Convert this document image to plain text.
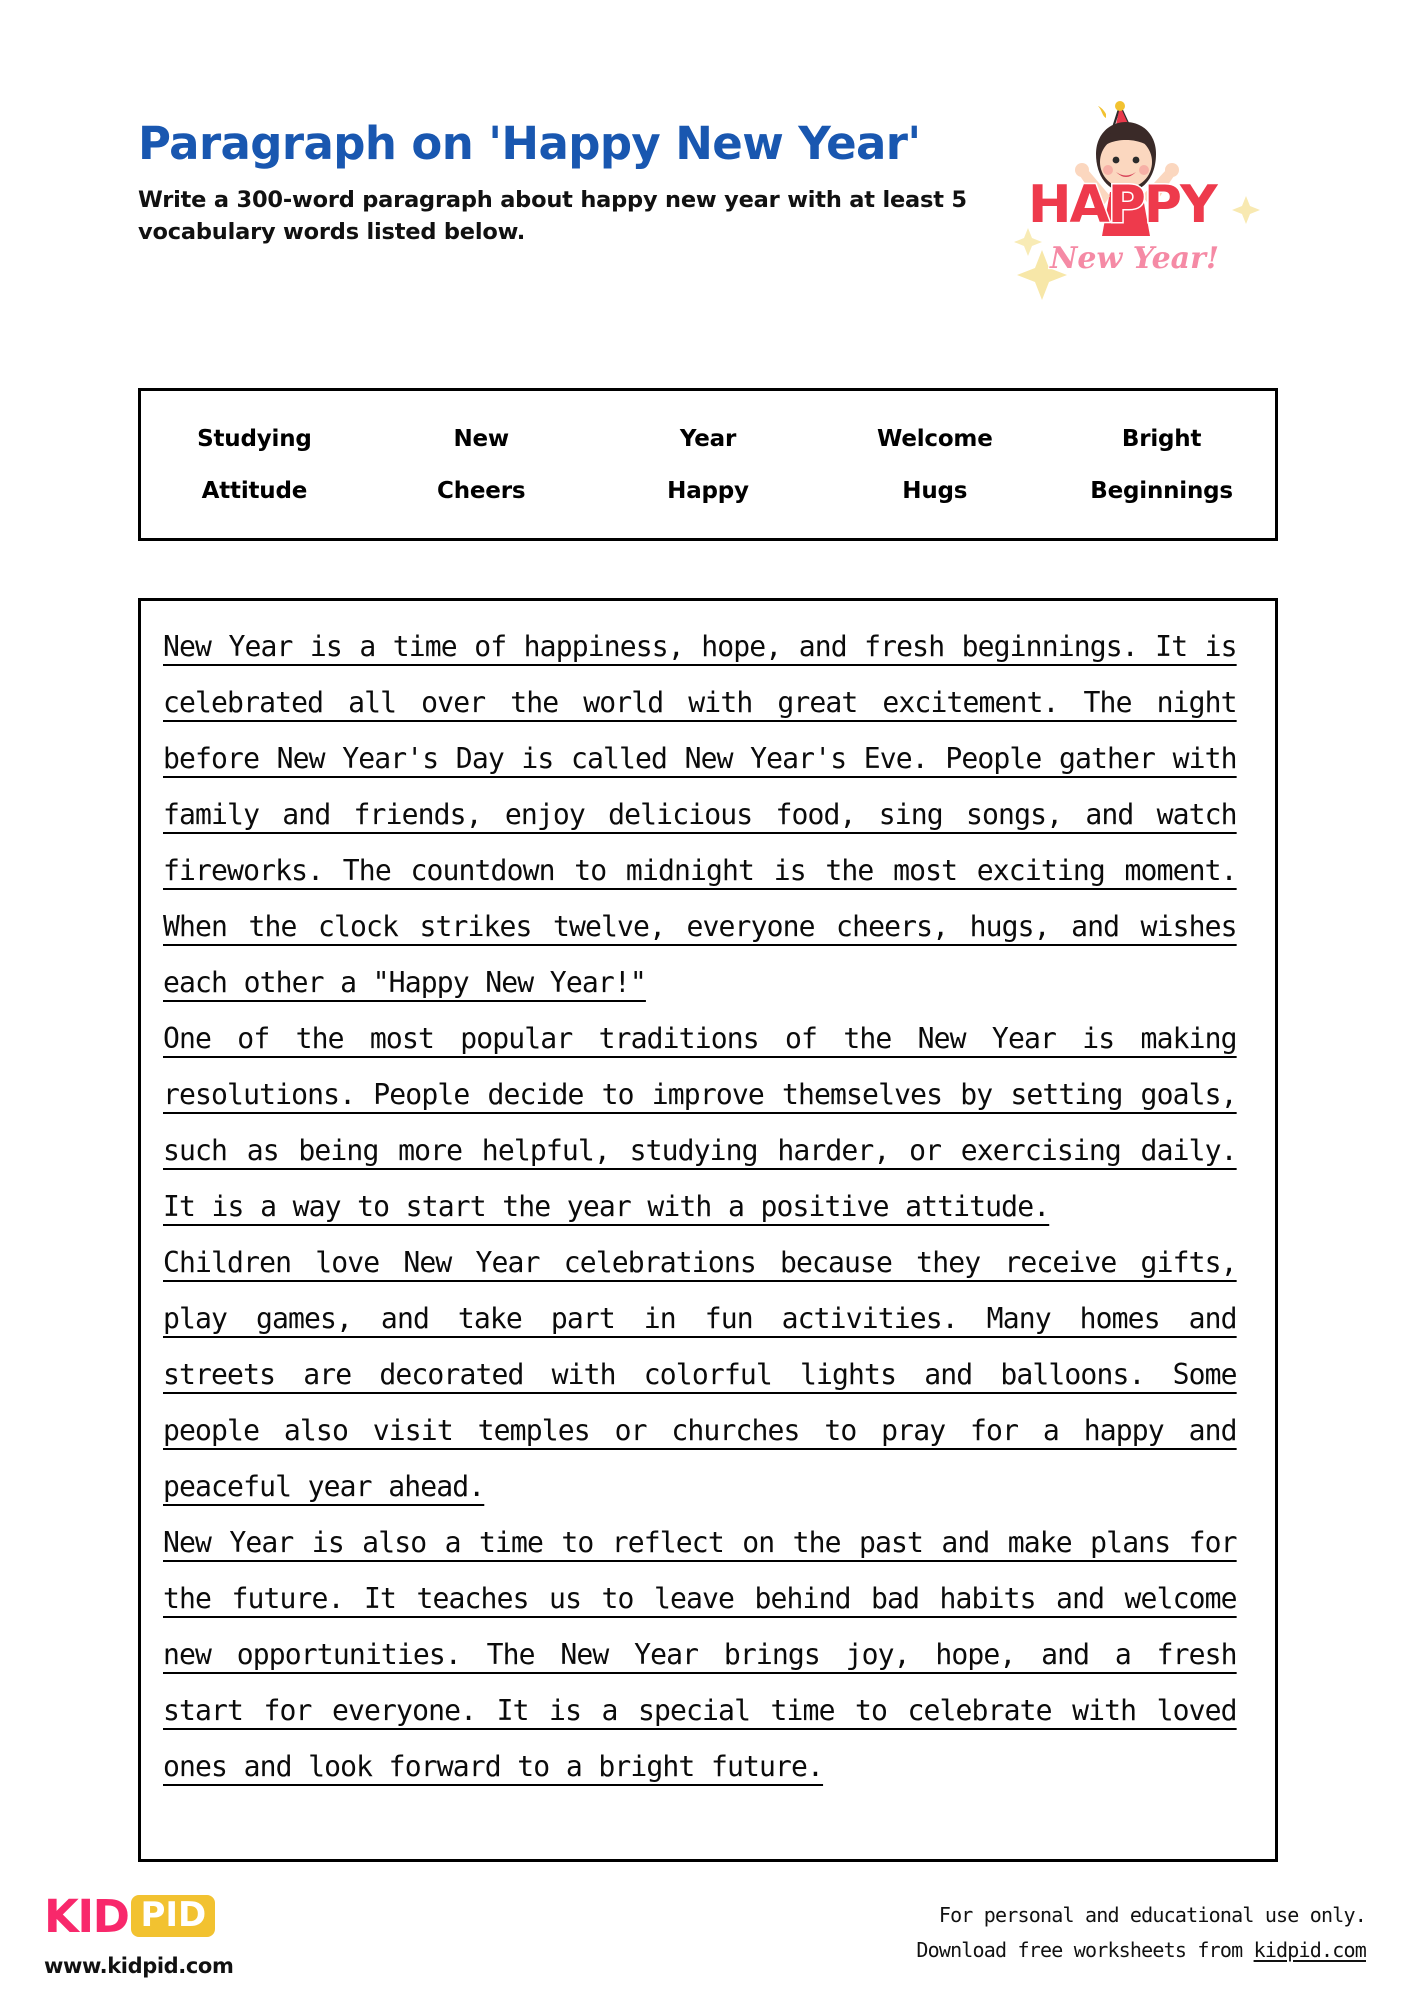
Paragraph on 'Happy New Year'
Write a 300-word paragraph about happy new year with at least 5 vocabulary words listed below.	HAPPY
New Year!
Studying	New	Year	Welcome	Bright
Attitude	Cheers	Happy	Hugs	Beginnings

New Year is a time of happiness, hope, and fresh beginnings. It is celebrated all over the world with great excitement. The night before New Year's Day is called New Year's Eve. People gather with family and friends, enjoy delicious food, sing songs, and watch fireworks. The countdown to midnight is the most exciting moment. When the clock strikes twelve, everyone cheers, hugs, and wishes each other a "Happy New Year!"

One of the most popular traditions of the New Year is making resolutions. People decide to improve themselves by setting goals, such as being more helpful, studying harder, or exercising daily. It is a way to start the year with a positive attitude.

Children love New Year celebrations because they receive gifts, play games, and take part in fun activities. Many homes and streets are decorated with colorful lights and balloons. Some people also visit temples or churches to pray for a happy and peaceful year ahead.

New Year is also a time to reflect on the past and make plans for the future. It teaches us to leave behind bad habits and welcome new opportunities. The New Year brings joy, hope, and a fresh start for everyone. It is a special time to celebrate with loved ones and look forward to a bright future.

KID PID
www.kidpid.com
For personal and educational use only.
Download free worksheets from kidpid.com
